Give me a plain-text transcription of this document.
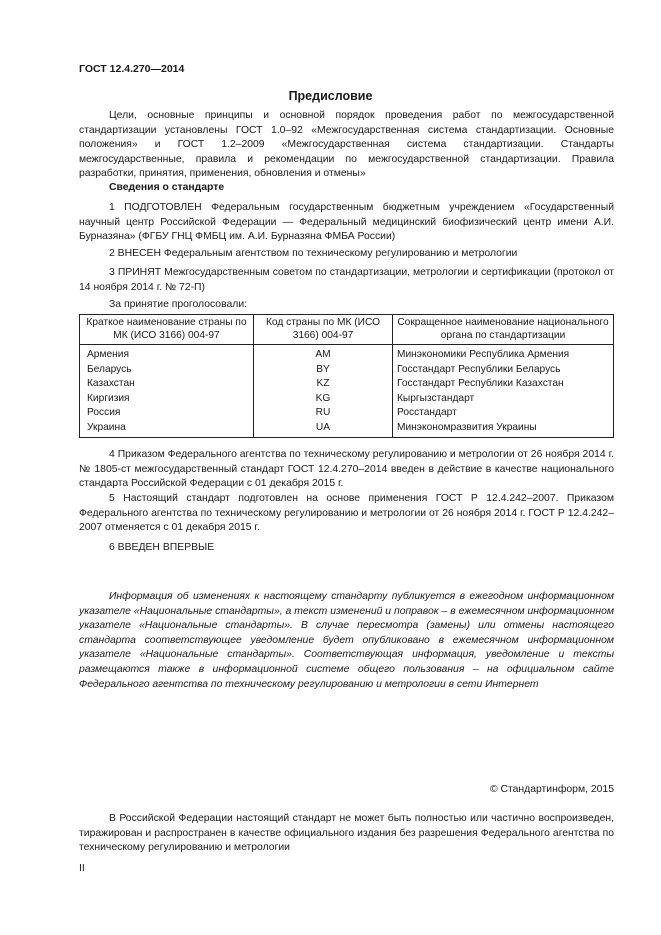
ГОСТ 12.4.270—2014
Предисловие
Цели, основные принципы и основной порядок проведения работ по межгосударственной стандартизации установлены ГОСТ 1.0–92 «Межгосударственная система стандартизации. Основные положения» и ГОСТ 1.2–2009 «Межгосударственная система стандартизации. Стандарты межгосударственные, правила и рекомендации по межгосударственной стандартизации. Правила разработки, принятия, применения, обновления и отмены»
Сведения о стандарте
1 ПОДГОТОВЛЕН Федеральным государственным бюджетным учреждением «Государственный научный центр Российской Федерации — Федеральный медицинский биофизический центр имени А.И. Бурназяна» (ФГБУ ГНЦ ФМБЦ им. А.И. Бурназяна ФМБА России)
2 ВНЕСЕН Федеральным агентством по техническому регулированию и метрологии
3 ПРИНЯТ Межгосударственным советом по стандартизации, метрологии и сертификации (протокол от 14 ноября 2014 г. № 72-П)
За принятие проголосовали:
Краткое наименование страны по МК (ИСО 3166) 004-97	Код страны по МК (ИСО 3166) 004-97	Сокращенное наименование национального органа по стандартизации
Армения	AM	Минэкономики Республика Армения
Беларусь	BY	Госстандарт Республики Беларусь
Казахстан	KZ	Госстандарт Республики Казахстан
Киргизия	KG	Кыргызстандарт
Россия	RU	Росстандарт
Украина	UA	Минэкономразвития Украины
4 Приказом Федерального агентства по техническому регулированию и метрологии от 26 ноября 2014 г. № 1805-ст межгосударственный стандарт ГОСТ 12.4.270–2014 введен в действие в качестве национального стандарта Российской Федерации с 01 декабря 2015 г.
5 Настоящий стандарт подготовлен на основе применения ГОСТ Р 12.4.242–2007. Приказом Федерального агентства по техническому регулированию и метрологии от 26 ноября 2014 г. ГОСТ Р 12.4.242–2007 отменяется с 01 декабря 2015 г.
6 ВВЕДЕН ВПЕРВЫЕ
Информация об изменениях к настоящему стандарту публикуется в ежегодном информационном указателе «Национальные стандарты», а текст изменений и поправок – в ежемесячном информационном указателе «Национальные стандарты». В случае пересмотра (замены) или отмены настоящего стандарта соответствующее уведомление будет опубликовано в ежемесячном информационном указателе «Национальные стандарты». Соответствующая информация, уведомление и тексты размещаются также в информационной системе общего пользования – на официальном сайте Федерального агентства по техническому регулированию и метрологии в сети Интернет
© Стандартинформ, 2015
В Российской Федерации настоящий стандарт не может быть полностью или частично воспроизведен, тиражирован и распространен в качестве официального издания без разрешения Федерального агентства по техническому регулированию и метрологии
II
